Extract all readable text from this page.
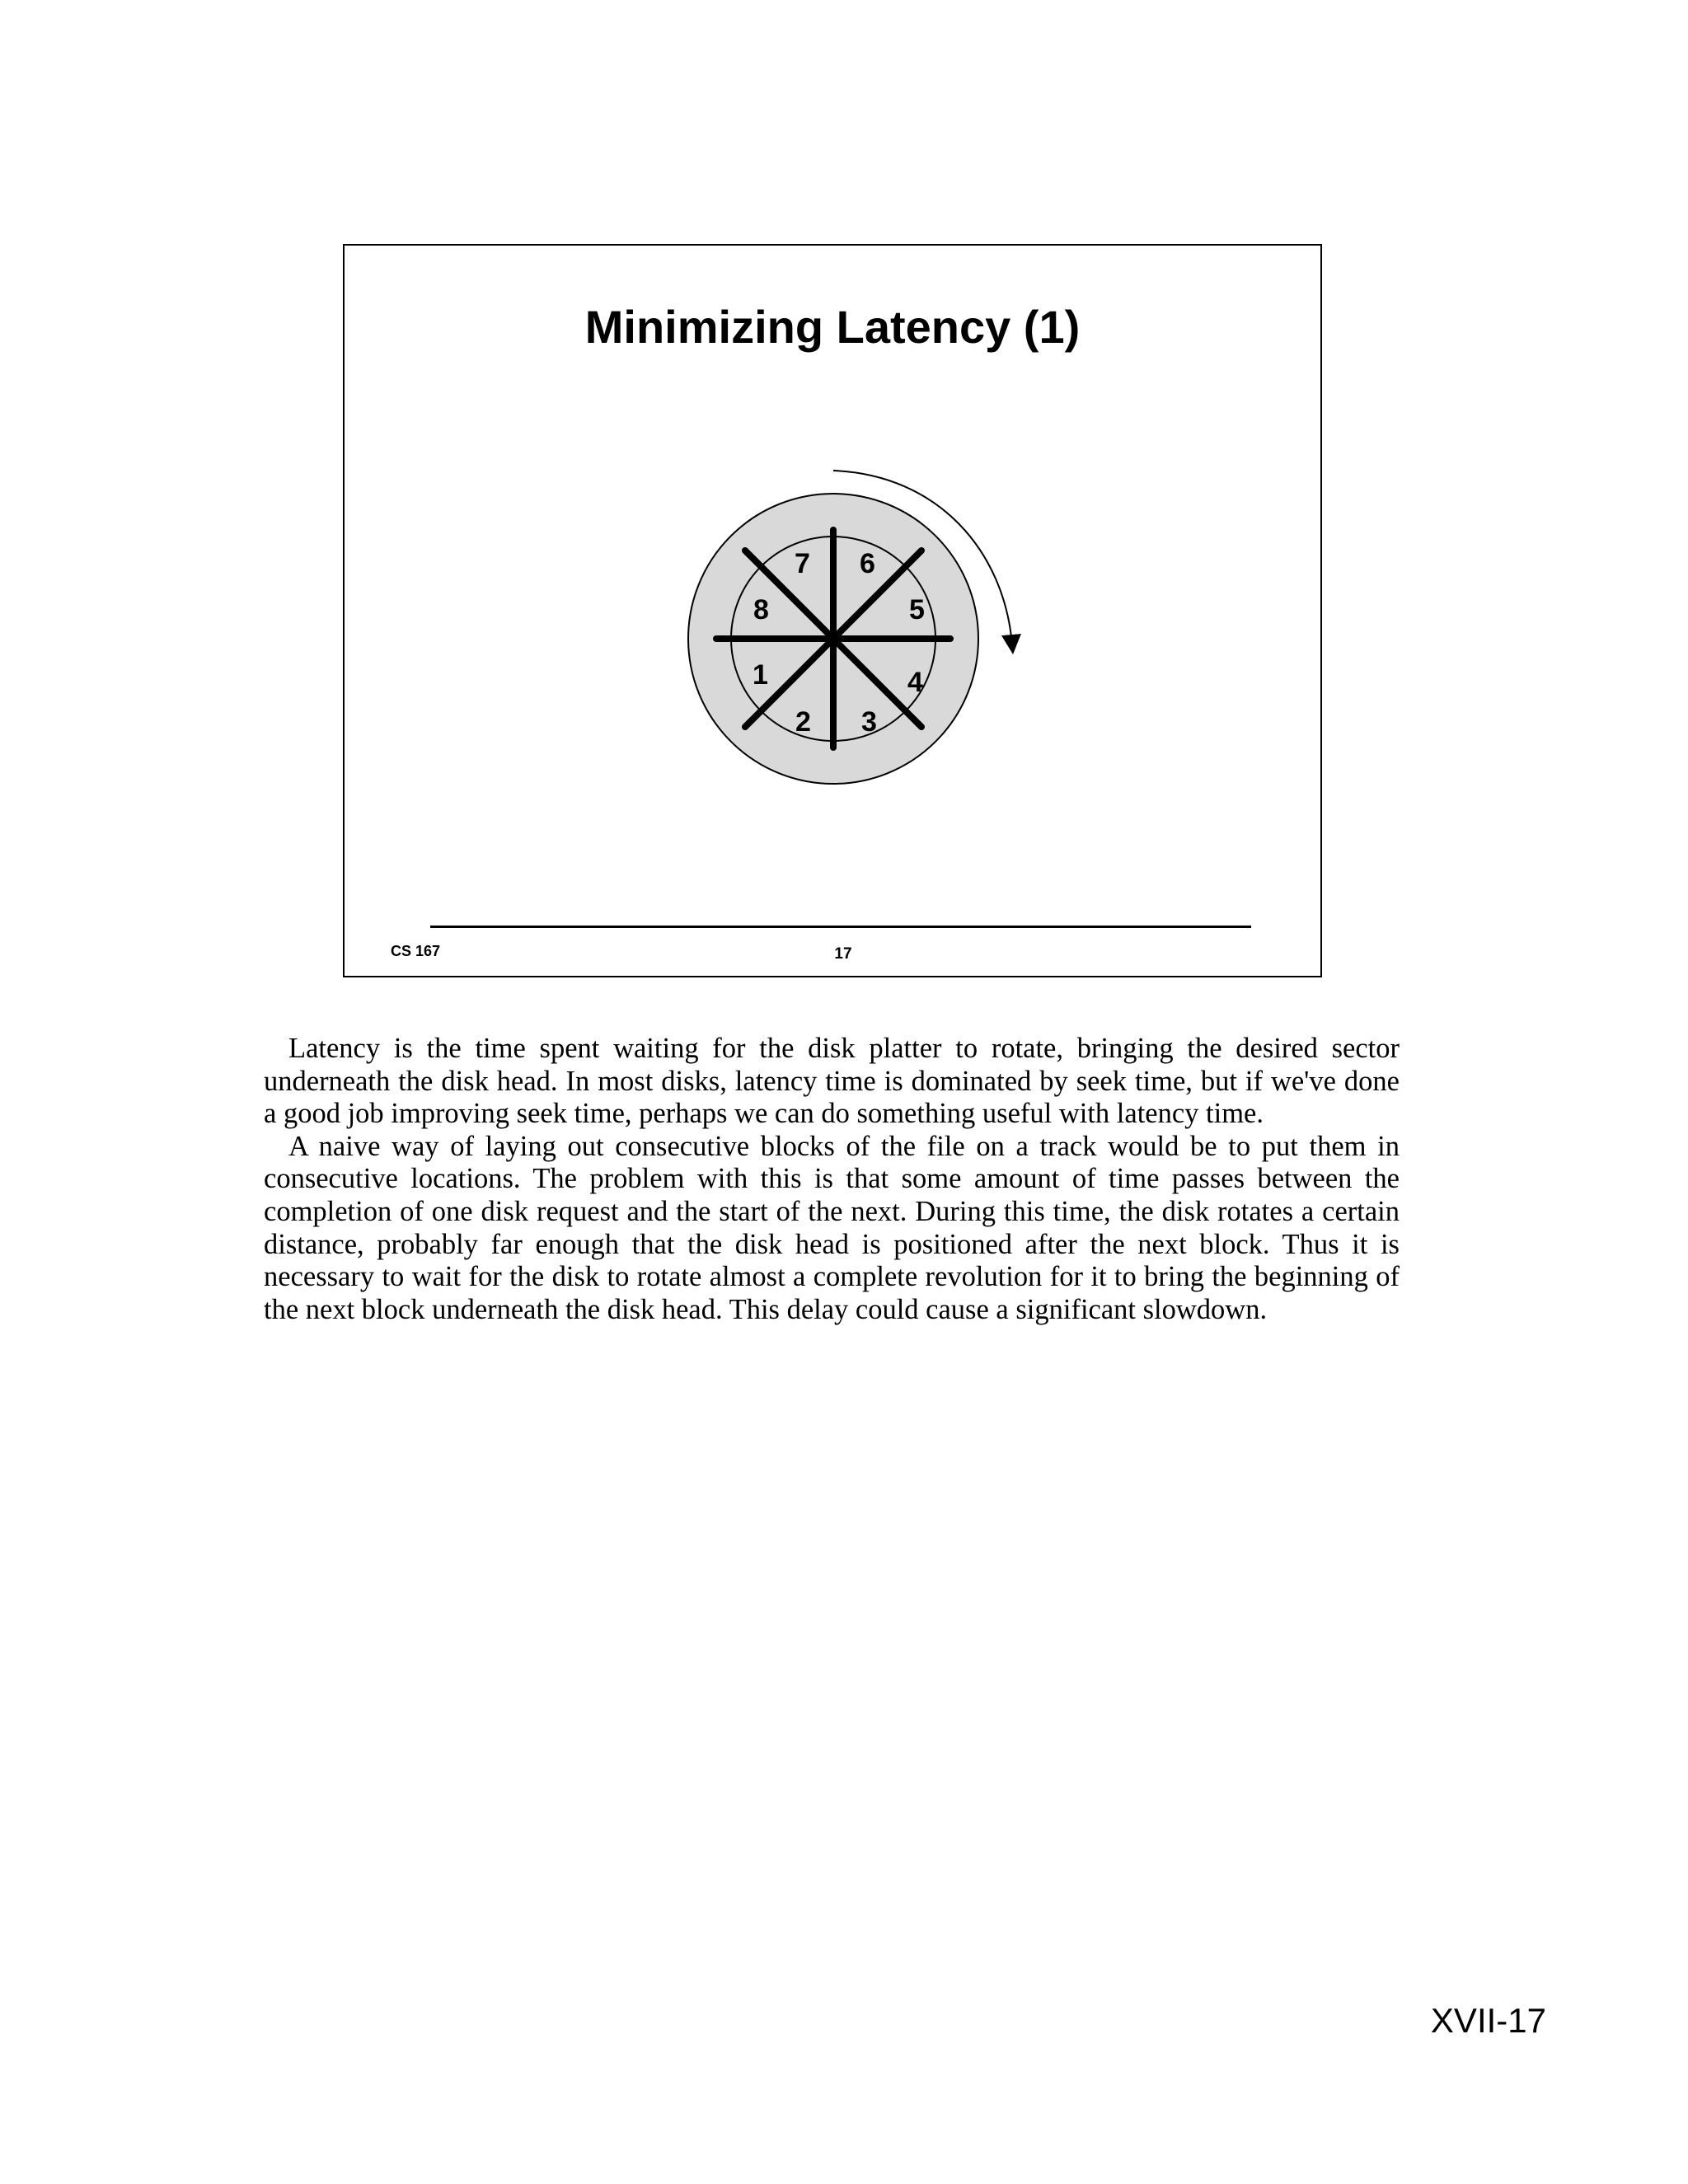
Minimizing Latency (1)
1
2 3
4
5
6
7
8
CS 167	17

Latency is the time spent waiting for the disk platter to rotate, bringing the desired sector underneath the disk head. In most disks, latency time is dominated by seek time, but if we've done a good job improving seek time, perhaps we can do something useful with latency time.

A naive way of laying out consecutive blocks of the file on a track would be to put them in consecutive locations. The problem with this is that some amount of time passes between the completion of one disk request and the start of the next. During this time, the disk rotates a certain distance, probably far enough that the disk head is positioned after the next block. Thus it is necessary to wait for the disk to rotate almost a complete revolution for it to bring the beginning of the next block underneath the disk head. This delay could cause a significant slowdown.

XVII-17
